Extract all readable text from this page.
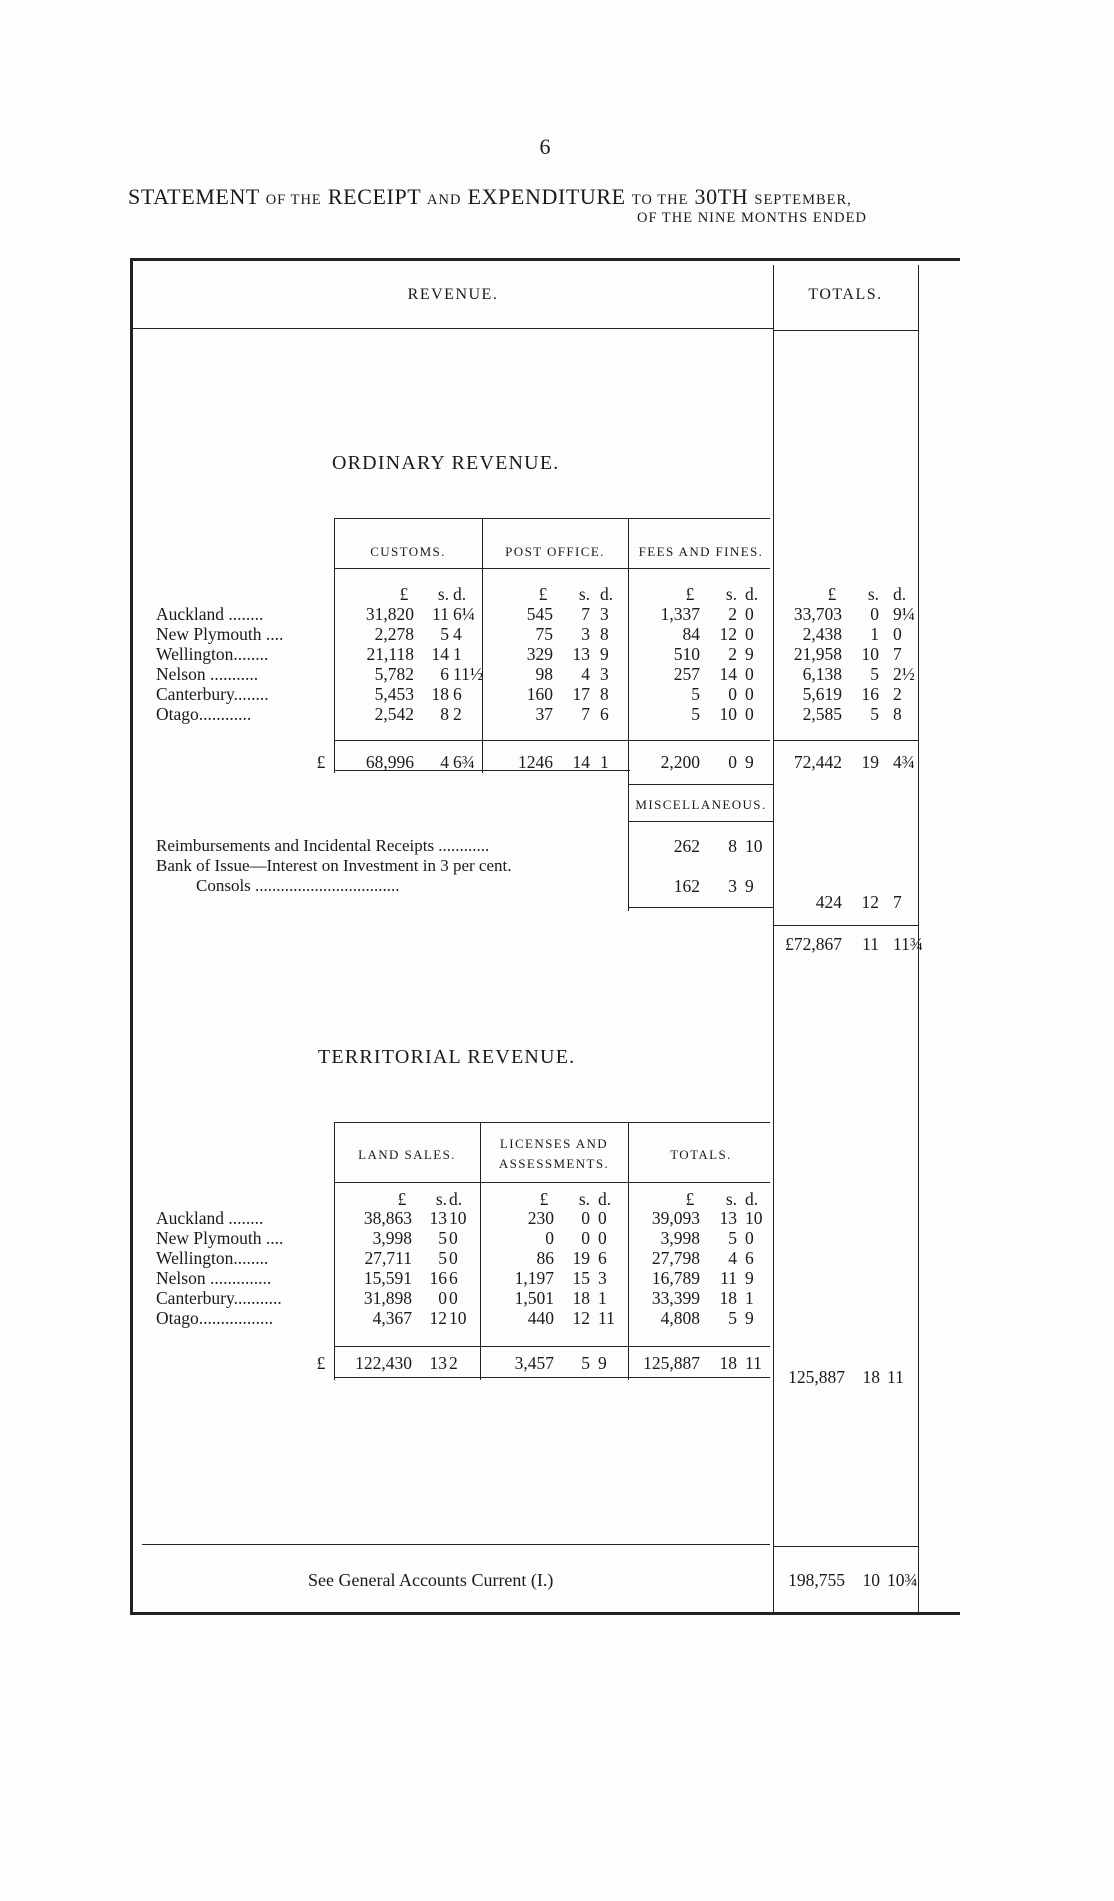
6
STATEMENT OF THE RECEIPT AND EXPENDITURE TO THE 30TH SEPTEMBER,
OF THE NINE MONTHS ENDED
REVENUE.	TOTALS.
ORDINARY REVENUE.
CUSTOMS.	POST OFFICE.	FEES AND FINES.
£	s. d.	£	s. d.	£	s. d.	£	s. d.
Auckland ........	31,820	11 6¼	545	7 3	1,337	2 0	33,703	0 9¼
New Plymouth ....	2,278	5 4	75	3 8	84	12 0	2,438	1 0
Wellington........	21,118	14 1	329	13 9	510	2 9	21,958	10 7
Nelson ...........	5,782	6 11½	98	4 3	257	14 0	6,138	5 2½
Canterbury........	5,453	18 6	160	17 8	5	0 0	5,619	16 2
Otago............	2,542	8 2	37	7 6	5	10 0	2,585	5 8
£	68,996	4 6¾	1246	14 1	2,200	0 9	72,442	19 4¾
MISCELLANEOUS.
Reimbursements and Incidental Receipts ............
Bank of Issue—Interest on Investment in 3 per cent.
Consols ..................................
262	8 10
162	3 9
424	12 7
£72,867	11 11¾
TERRITORIAL REVENUE.
LAND SALES.
LICENSES AND
ASSESSMENTS.
TOTALS.
£	s. d.	£	s. d.	£	s. d.
Auckland ........	38,863	13 10	230	0 0	39,093	13 10
New Plymouth ....	3,998	5 0	0	0 0	3,998	5 0
Wellington........	27,711	5 0	86	19 6	27,798	4 6
Nelson ..............	15,591	16 6	1,197	15 3	16,789	11 9
Canterbury...........	31,898	0 0	1,501	18 1	33,399	18 1
Otago.................	4,367	12 10	440	12 11	4,808	5 9
£	122,430	13 2	3,457	5 9	125,887	18 11
125,887	18 11
See General Accounts Current (I.)	198,755	10 10¾
